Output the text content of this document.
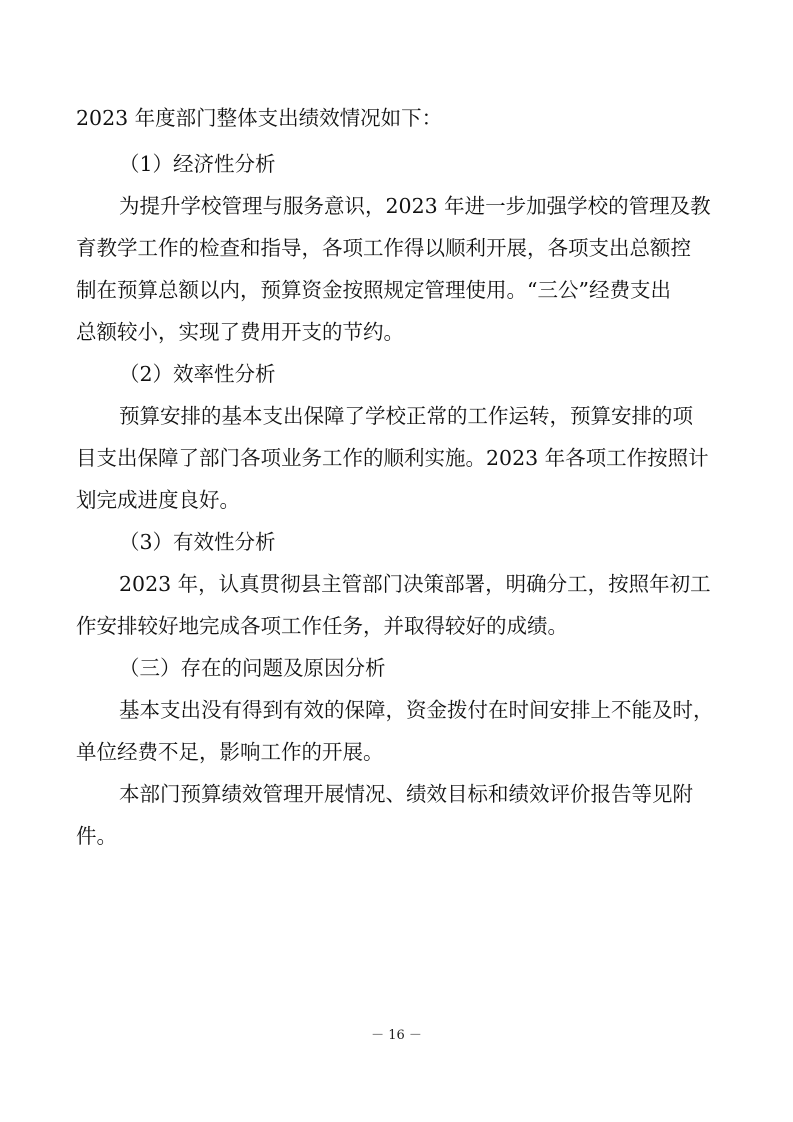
2023 年度部门整体支出绩效情况如下：

（1）经济性分析

为提升学校管理与服务意识，2023 年进一步加强学校的管理及教

育教学工作的检查和指导，各项工作得以顺利开展，各项支出总额控

制在预算总额以内，预算资金按照规定管理使用。“三公”经费支出

总额较小，实现了费用开支的节约。

（2）效率性分析

预算安排的基本支出保障了学校正常的工作运转，预算安排的项

目支出保障了部门各项业务工作的顺利实施。2023 年各项工作按照计

划完成进度良好。

（3）有效性分析

2023 年，认真贯彻县主管部门决策部署，明确分工，按照年初工

作安排较好地完成各项工作任务，并取得较好的成绩。

（三）存在的问题及原因分析

基本支出没有得到有效的保障，资金拨付在时间安排上不能及时，

单位经费不足，影响工作的开展。

本部门预算绩效管理开展情况、绩效目标和绩效评价报告等见附

件。

－ 16 －
